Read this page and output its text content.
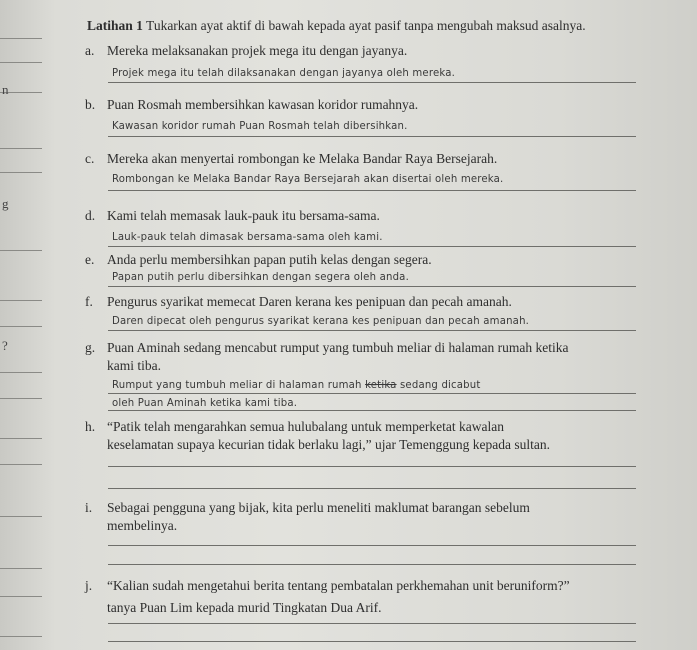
n
g
?
Latihan 1 Tukarkan ayat aktif di bawah kepada ayat pasif tanpa mengubah maksud asalnya.
a. Mereka melaksanakan projek mega itu dengan jayanya.
Projek mega itu telah dilaksanakan dengan jayanya oleh mereka.
b. Puan Rosmah membersihkan kawasan koridor rumahnya.
Kawasan koridor rumah Puan Rosmah telah dibersihkan.
c. Mereka akan menyertai rombongan ke Melaka Bandar Raya Bersejarah.
Rombongan ke Melaka Bandar Raya Bersejarah akan disertai oleh mereka.
d. Kami telah memasak lauk-pauk itu bersama-sama.
Lauk-pauk telah dimasak bersama-sama oleh kami.
e. Anda perlu membersihkan papan putih kelas dengan segera.
Papan putih perlu dibersihkan dengan segera oleh anda.
f. Pengurus syarikat memecat Daren kerana kes penipuan dan pecah amanah.
Daren dipecat oleh pengurus syarikat kerana kes penipuan dan pecah amanah.
g. Puan Aminah sedang mencabut rumput yang tumbuh meliar di halaman rumah ketika
kami tiba.
Rumput yang tumbuh meliar di halaman rumah ketika sedang dicabut
oleh Puan Aminah ketika kami tiba.
h. “Patik telah mengarahkan semua hulubalang untuk memperketat kawalan
keselamatan supaya kecurian tidak berlaku lagi,” ujar Temenggung kepada sultan.
i. Sebagai pengguna yang bijak, kita perlu meneliti maklumat barangan sebelum
membelinya.
j. “Kalian sudah mengetahui berita tentang pembatalan perkhemahan unit beruniform?”
tanya Puan Lim kepada murid Tingkatan Dua Arif.
